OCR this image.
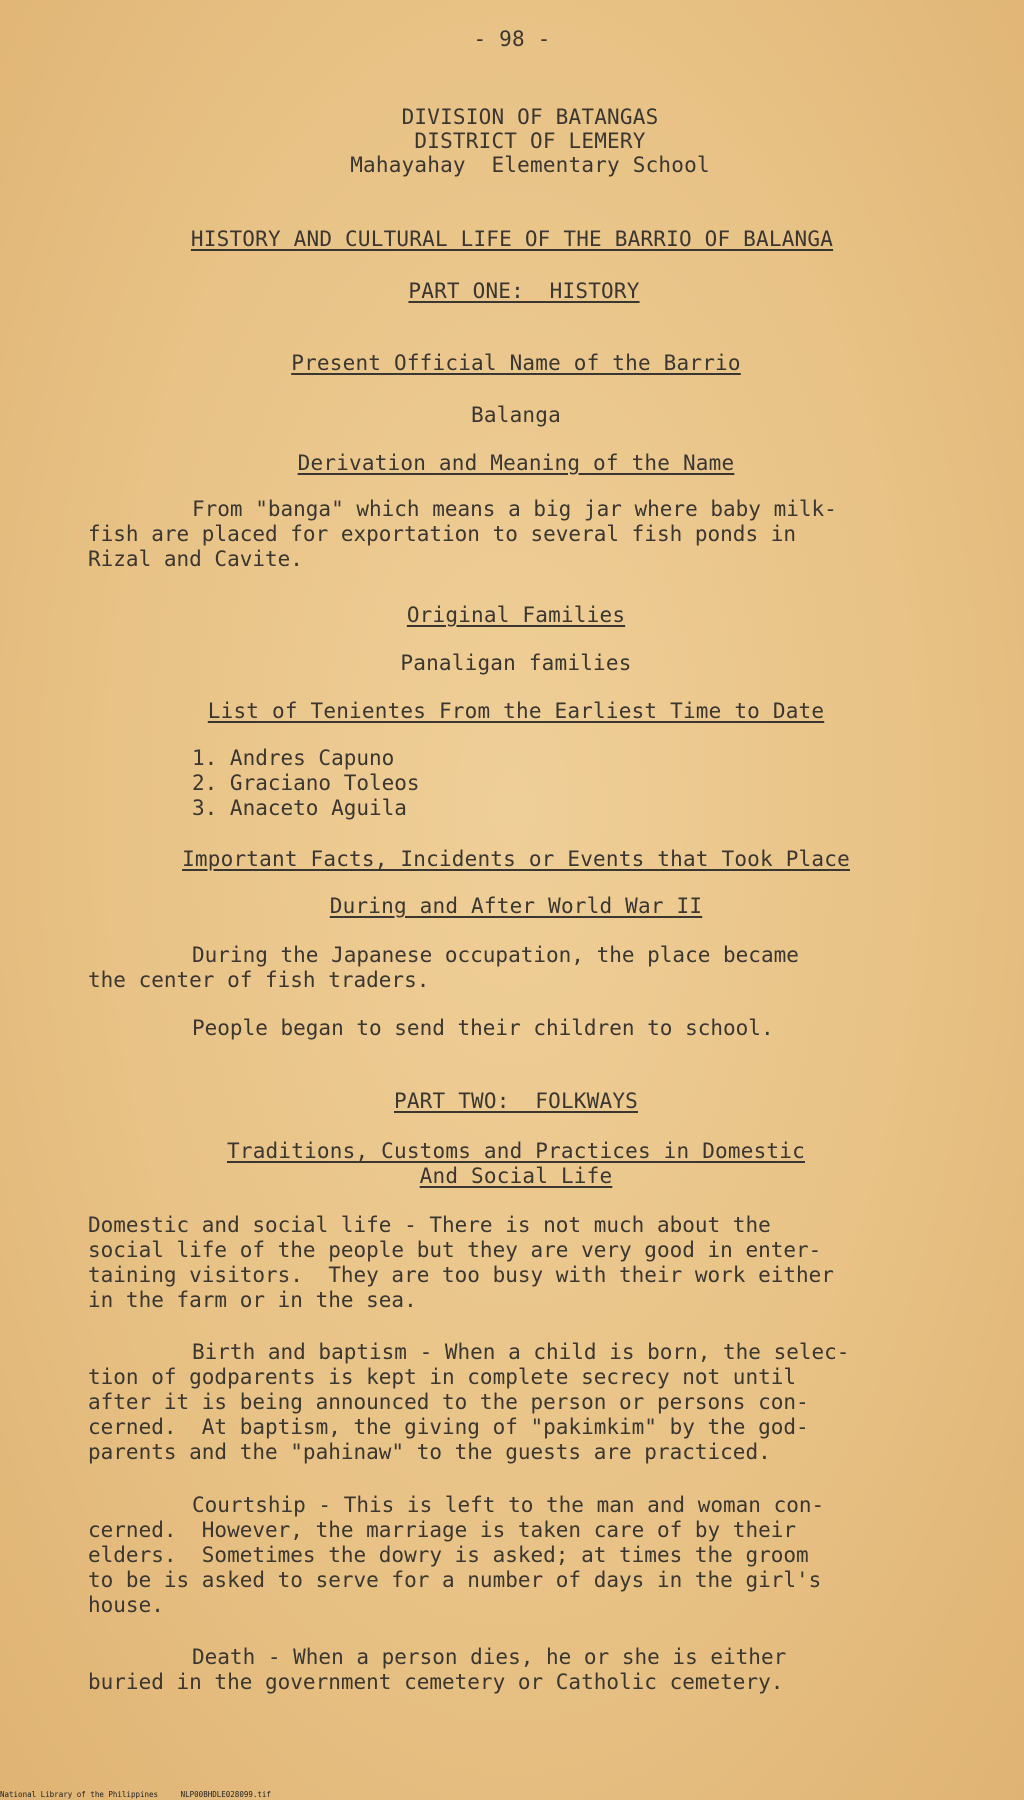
- 98 -
DIVISION OF BATANGAS
DISTRICT OF LEMERY
Mahayahay  Elementary School
HISTORY AND CULTURAL LIFE OF THE BARRIO OF BALANGA
PART ONE:  HISTORY
Present Official Name of the Barrio
Balanga
Derivation and Meaning of the Name
From "banga" which means a big jar where baby milk-
fish are placed for exportation to several fish ponds in
Rizal and Cavite.
Original Families
Panaligan families
List of Tenientes From the Earliest Time to Date
1. Andres Capuno
2. Graciano Toleos
3. Anaceto Aguila
Important Facts, Incidents or Events that Took Place
During and After World War II
During the Japanese occupation, the place became
the center of fish traders.
People began to send their children to school.
PART TWO:  FOLKWAYS
Traditions, Customs and Practices in Domestic
And Social Life
Domestic and social life - There is not much about the
social life of the people but they are very good in enter-
taining visitors.  They are too busy with their work either
in the farm or in the sea.
Birth and baptism - When a child is born, the selec-
tion of godparents is kept in complete secrecy not until
after it is being announced to the person or persons con-
cerned.  At baptism, the giving of "pakimkim" by the god-
parents and the "pahinaw" to the guests are practiced.
Courtship - This is left to the man and woman con-
cerned.  However, the marriage is taken care of by their
elders.  Sometimes the dowry is asked; at times the groom
to be is asked to serve for a number of days in the girl's
house.
Death - When a person dies, he or she is either
buried in the government cemetery or Catholic cemetery.
National Library of the Philippines     NLP00BHDLE028099.tif
